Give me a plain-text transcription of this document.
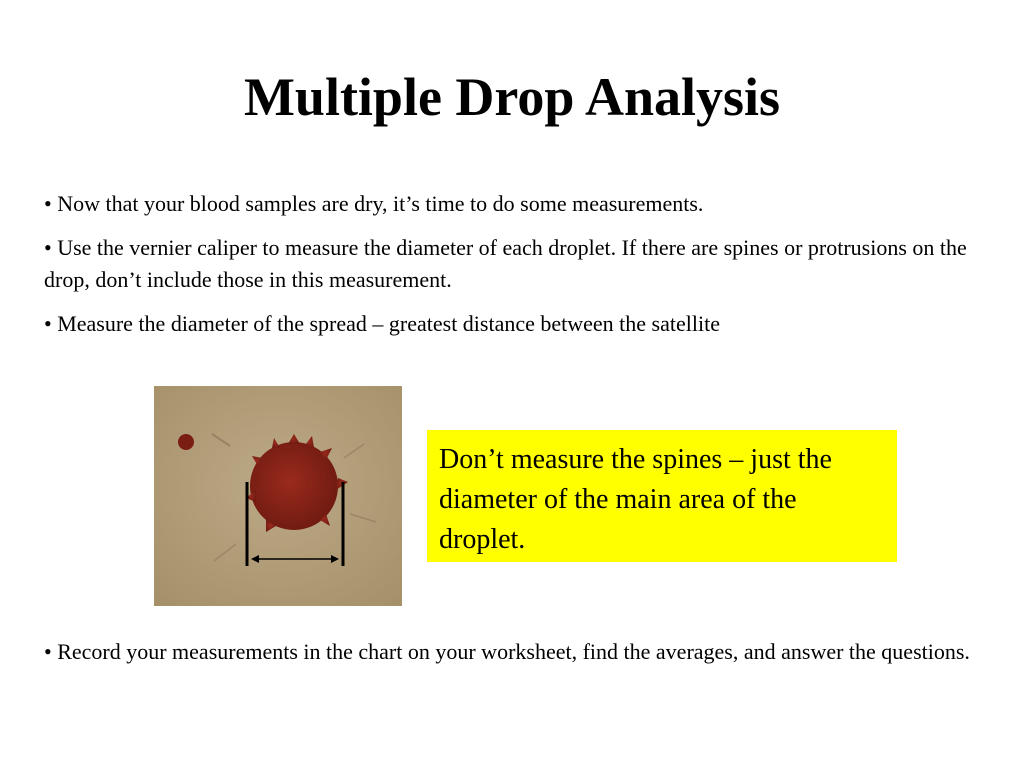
Multiple Drop Analysis

• Now that your blood samples are dry, it’s time to do some measurements.

• Use the vernier caliper to measure the diameter of each droplet. If there are spines or protrusions on the drop, don’t include those in this measurement.

• Measure the diameter of the spread – greatest distance between the satellite

Don’t measure the spines – just the diameter of the main area of the droplet.

• Record your measurements in the chart on your worksheet, find the averages, and answer the questions.
